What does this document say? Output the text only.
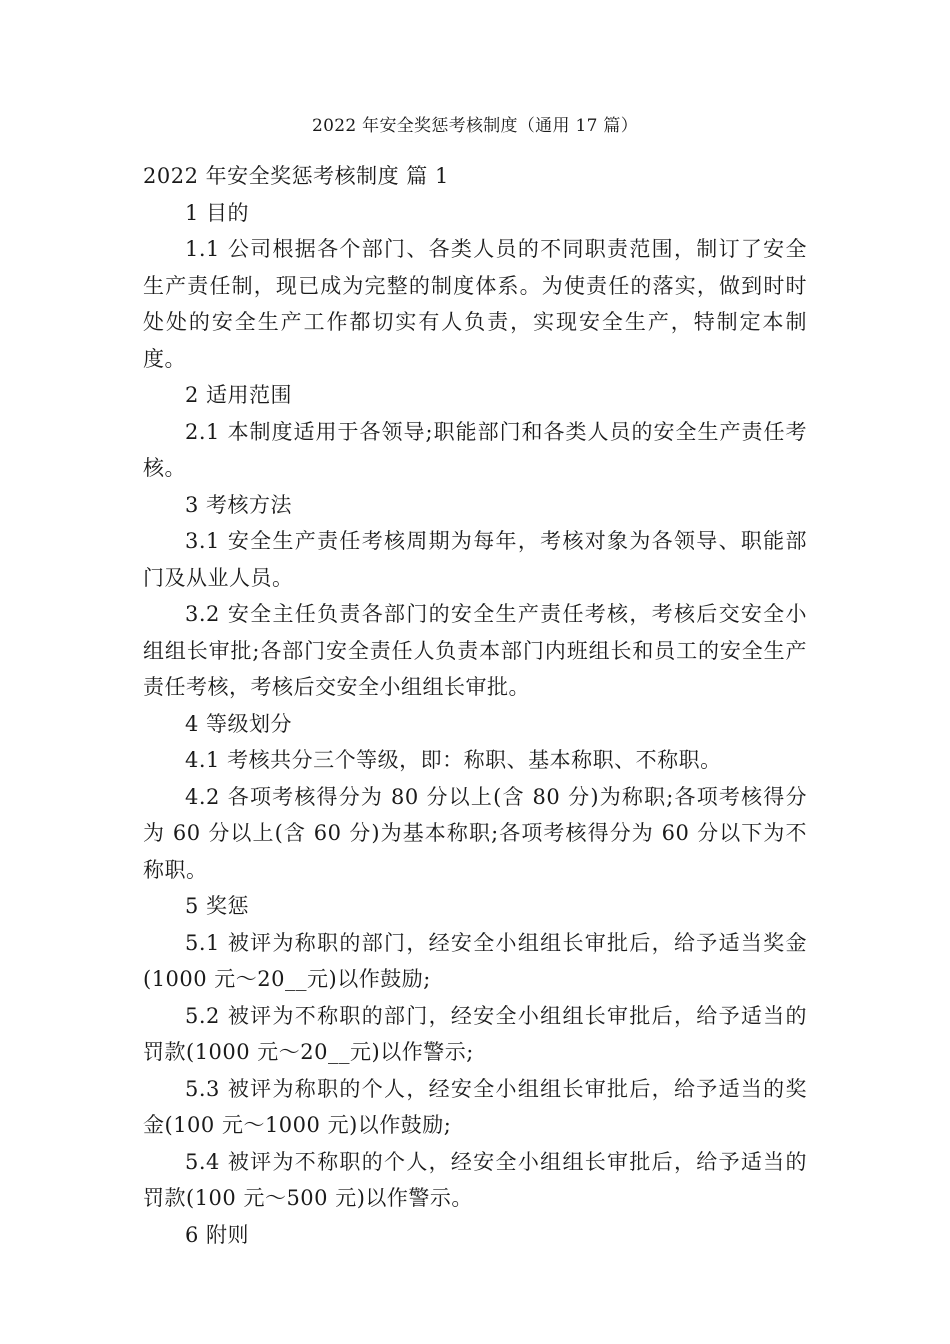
2022 年安全奖惩考核制度（通用 17 篇）

2022 年安全奖惩考核制度 篇 1

1 目的

1.1 公司根据各个部门、各类人员的不同职责范围，制订了安全生产责任制，现已成为完整的制度体系。为使责任的落实，做到时时处处的安全生产工作都切实有人负责，实现安全生产，特制定本制度。

2 适用范围

2.1 本制度适用于各领导;职能部门和各类人员的安全生产责任考核。

3 考核方法

3.1 安全生产责任考核周期为每年，考核对象为各领导、职能部门及从业人员。

3.2 安全主任负责各部门的安全生产责任考核，考核后交安全小组组长审批;各部门安全责任人负责本部门内班组长和员工的安全生产责任考核，考核后交安全小组组长审批。

4 等级划分

4.1 考核共分三个等级，即：称职、基本称职、不称职。

4.2 各项考核得分为 80 分以上(含 80 分)为称职;各项考核得分为 60 分以上(含 60 分)为基本称职;各项考核得分为 60 分以下为不称职。

5 奖惩

5.1 被评为称职的部门，经安全小组组长审批后，给予适当奖金(1000 元～20__元)以作鼓励;

5.2 被评为不称职的部门，经安全小组组长审批后，给予适当的罚款(1000 元～20__元)以作警示;

5.3 被评为称职的个人，经安全小组组长审批后，给予适当的奖金(100 元～1000 元)以作鼓励;

5.4 被评为不称职的个人，经安全小组组长审批后，给予适当的罚款(100 元～500 元)以作警示。

6 附则
